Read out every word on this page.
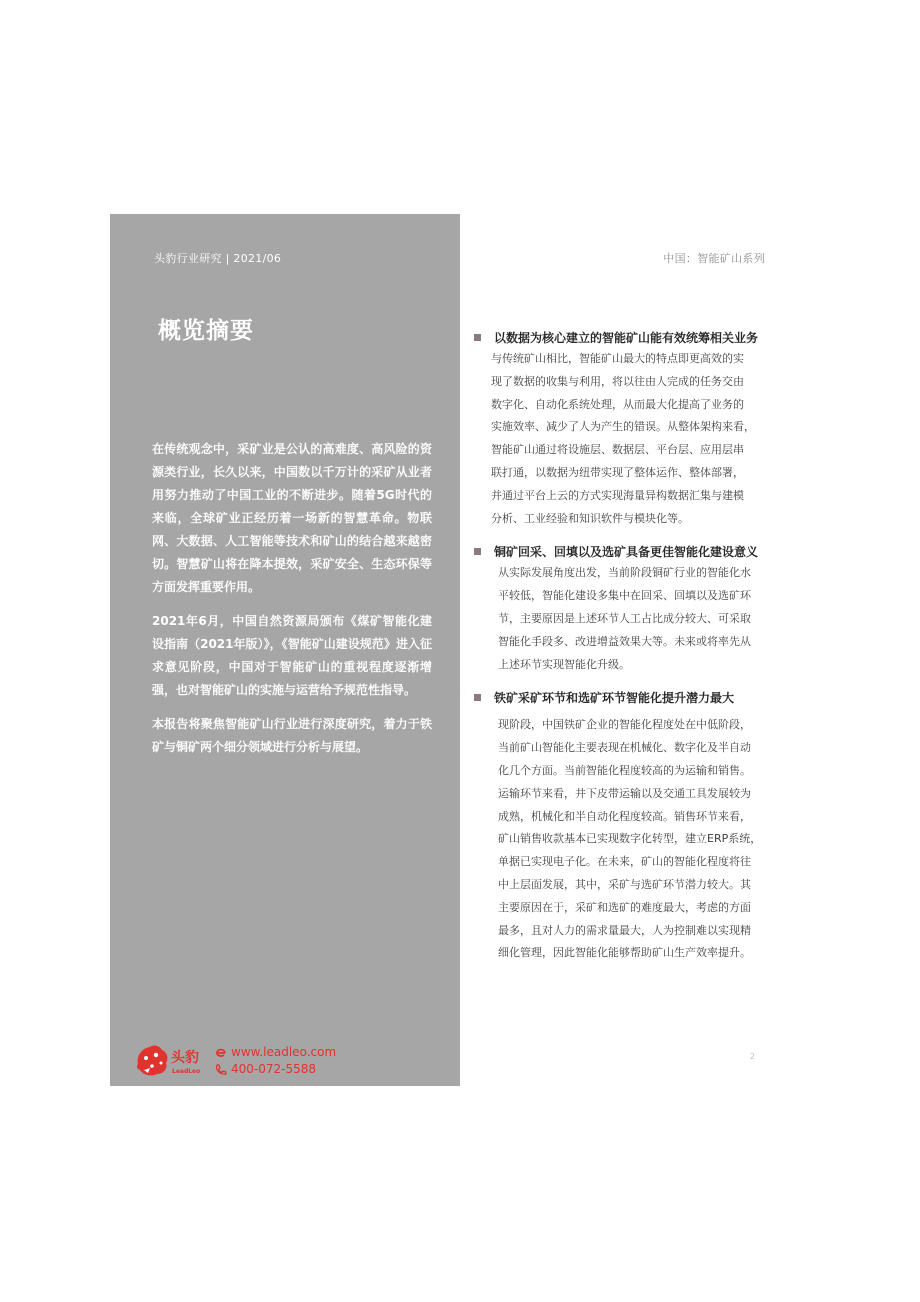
头豹行业研究 | 2021/06
概览摘要

在传统观念中，采矿业是公认的高难度、高风险的资源类行业，长久以来，中国数以千万计的采矿从业者用努力推动了中国工业的不断进步。随着5G时代的来临，全球矿业正经历着一场新的智慧革命。物联网、大数据、人工智能等技术和矿山的结合越来越密切。智慧矿山将在降本提效，采矿安全、生态环保等方面发挥重要作用。

2021年6月，中国自然资源局颁布《煤矿智能化建设指南（2021年版）》，《智能矿山建设规范》进入征求意见阶段，中国对于智能矿山的重视程度逐渐增强，也对智能矿山的实施与运营给予规范性指导。

本报告将聚焦智能矿山行业进行深度研究，着力于铁矿与铜矿两个细分领域进行分析与展望。

头豹
LeadLeo
www.leadleo.com
400-072-5588
中国：智能矿山系列
以数据为核心建立的智能矿山能有效统筹相关业务
与传统矿山相比，智能矿山最大的特点即更高效的实
现了数据的收集与利用，将以往由人完成的任务交由
数字化、自动化系统处理，从而最大化提高了业务的
实施效率、减少了人为产生的错误。从整体架构来看，
智能矿山通过将设施层、数据层、平台层、应用层串
联打通，以数据为纽带实现了整体运作、整体部署，
并通过平台上云的方式实现海量异构数据汇集与建模
分析、工业经验和知识软件与模块化等。
铜矿回采、回填以及选矿具备更佳智能化建设意义
从实际发展角度出发，当前阶段铜矿行业的智能化水
平较低，智能化建设多集中在回采、回填以及选矿环
节，主要原因是上述环节人工占比成分较大、可采取
智能化手段多、改进增益效果大等。未来或将率先从
上述环节实现智能化升级。
铁矿采矿环节和选矿环节智能化提升潜力最大
现阶段，中国铁矿企业的智能化程度处在中低阶段，
当前矿山智能化主要表现在机械化、数字化及半自动
化几个方面。当前智能化程度较高的为运输和销售。
运输环节来看，井下皮带运输以及交通工具发展较为
成熟，机械化和半自动化程度较高。销售环节来看，
矿山销售收款基本已实现数字化转型，建立ERP系统，
单据已实现电子化。在未来，矿山的智能化程度将往
中上层面发展，其中，采矿与选矿环节潜力较大。其
主要原因在于，采矿和选矿的难度最大，考虑的方面
最多，且对人力的需求量最大，人为控制难以实现精
细化管理，因此智能化能够帮助矿山生产效率提升。
2
